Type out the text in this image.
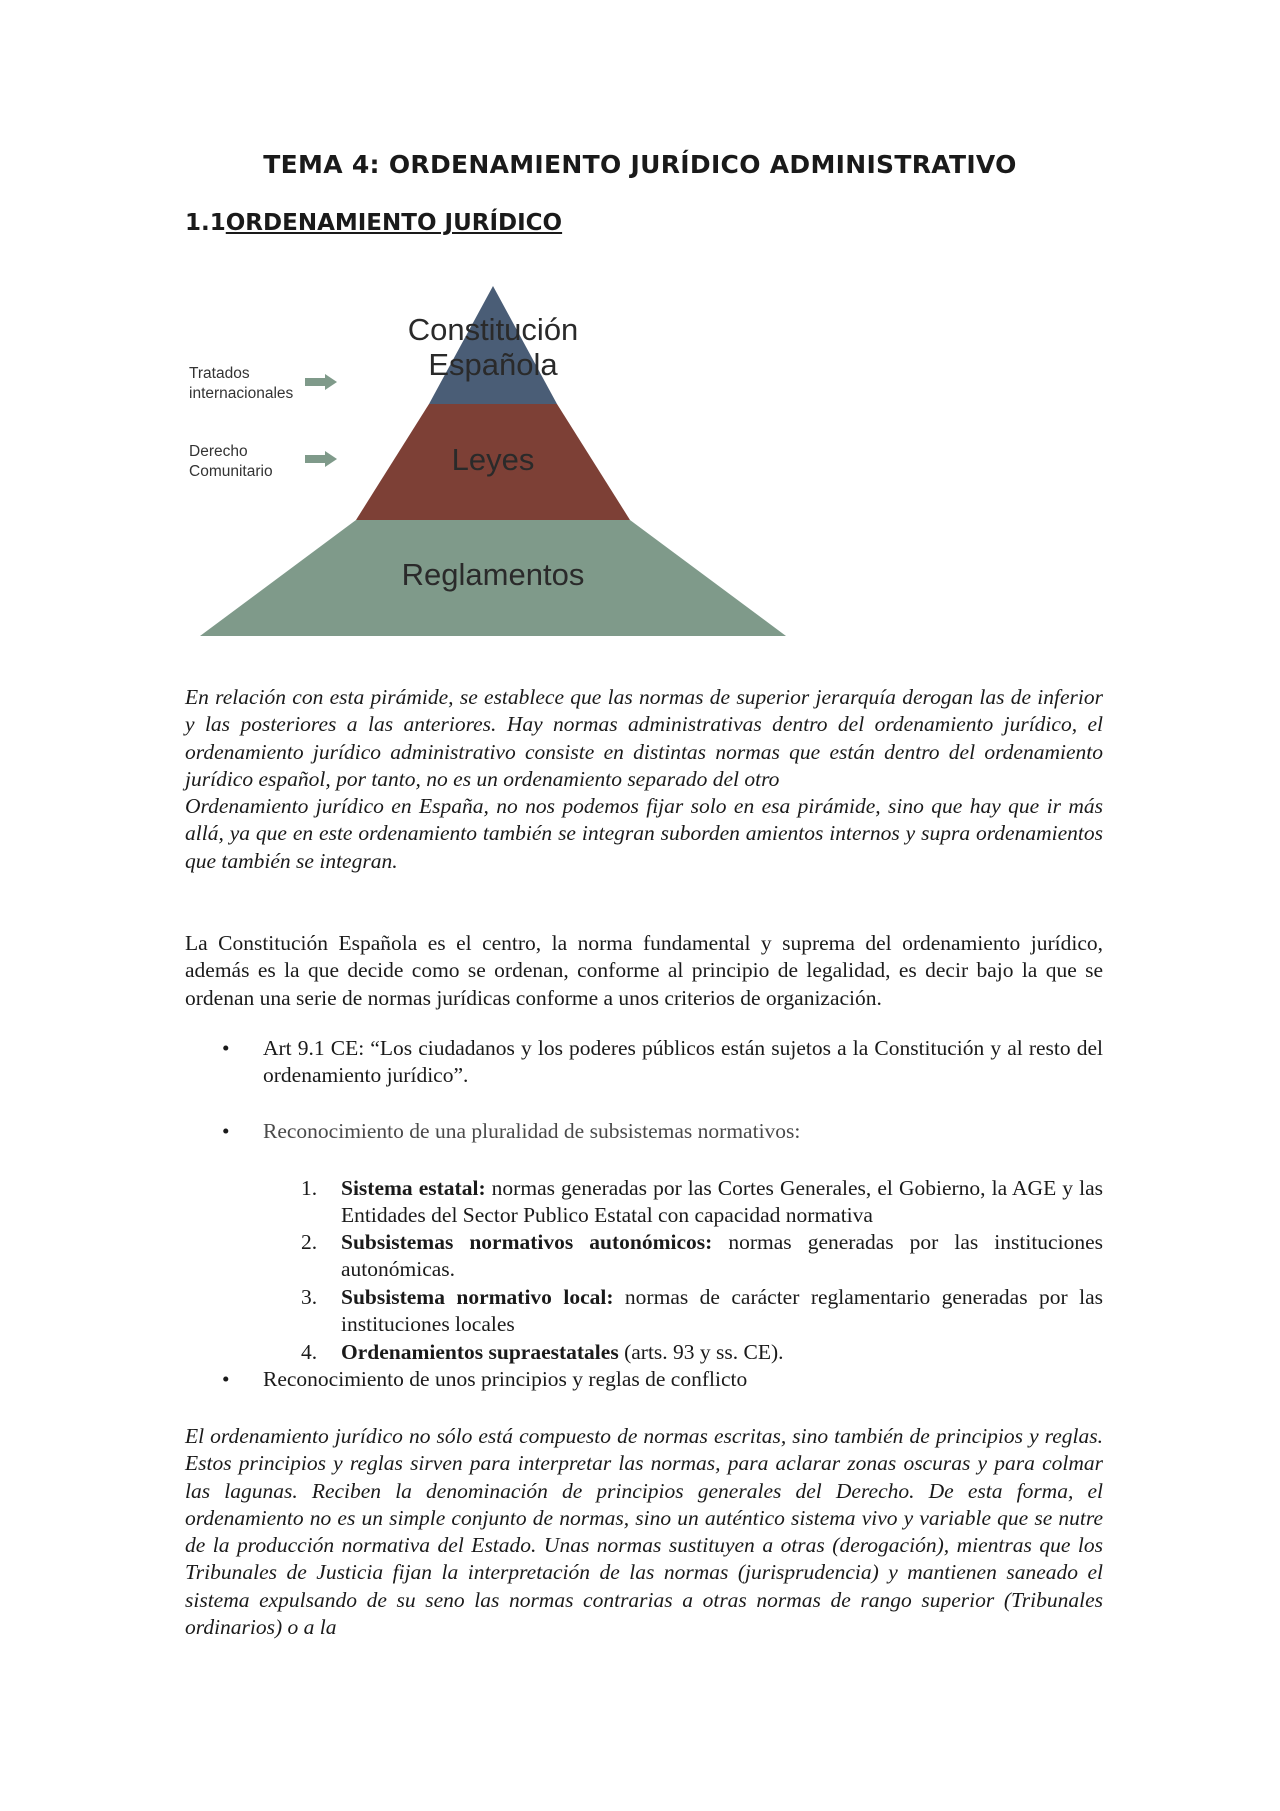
TEMA 4: ORDENAMIENTO JURÍDICO ADMINISTRATIVO
1.1ORDENAMIENTO JURÍDICO
Constitución
Española
Leyes
Reglamentos
Tratados
internacionales
Derecho
Comunitario

En relación con esta pirámide, se establece que las normas de superior jerarquía derogan las de inferior y las posteriores a las anteriores. Hay normas administrativas dentro del ordenamiento jurídico, el ordenamiento jurídico administrativo consiste en distintas normas que están dentro del ordenamiento jurídico español, por tanto, no es un ordenamiento separado del otro

Ordenamiento jurídico en España, no nos podemos fijar solo en esa pirámide, sino que hay que ir más allá, ya que en este ordenamiento también se integran suborden amientos internos y supra ordenamientos que también se integran.

La Constitución Española es el centro, la norma fundamental y suprema del ordenamiento jurídico, además es la que decide como se ordenan, conforme al principio de legalidad, es decir bajo la que se ordenan una serie de normas jurídicas conforme a unos criterios de organización.

• Art 9.1 CE: “Los ciudadanos y los poderes públicos están sujetos a la Constitución y al resto del ordenamiento jurídico”.
• Reconocimiento de una pluralidad de subsistemas normativos:
1. Sistema estatal: normas generadas por las Cortes Generales, el Gobierno, la AGE y las Entidades del Sector Publico Estatal con capacidad normativa
2. Subsistemas normativos autonómicos: normas generadas por las instituciones autonómicas.
3. Subsistema normativo local: normas de carácter reglamentario generadas por las instituciones locales
4. Ordenamientos supraestatales (arts. 93 y ss. CE).
• Reconocimiento de unos principios y reglas de conflicto

El ordenamiento jurídico no sólo está compuesto de normas escritas, sino también de principios y reglas. Estos principios y reglas sirven para interpretar las normas, para aclarar zonas oscuras y para colmar las lagunas. Reciben la denominación de principios generales del Derecho. De esta forma, el ordenamiento no es un simple conjunto de normas, sino un auténtico sistema vivo y variable que se nutre de la producción normativa del Estado. Unas normas sustituyen a otras (derogación), mientras que los Tribunales de Justicia fijan la interpretación de las normas (jurisprudencia) y mantienen saneado el sistema expulsando de su seno las normas contrarias a otras normas de rango superior (Tribunales ordinarios) o a la
